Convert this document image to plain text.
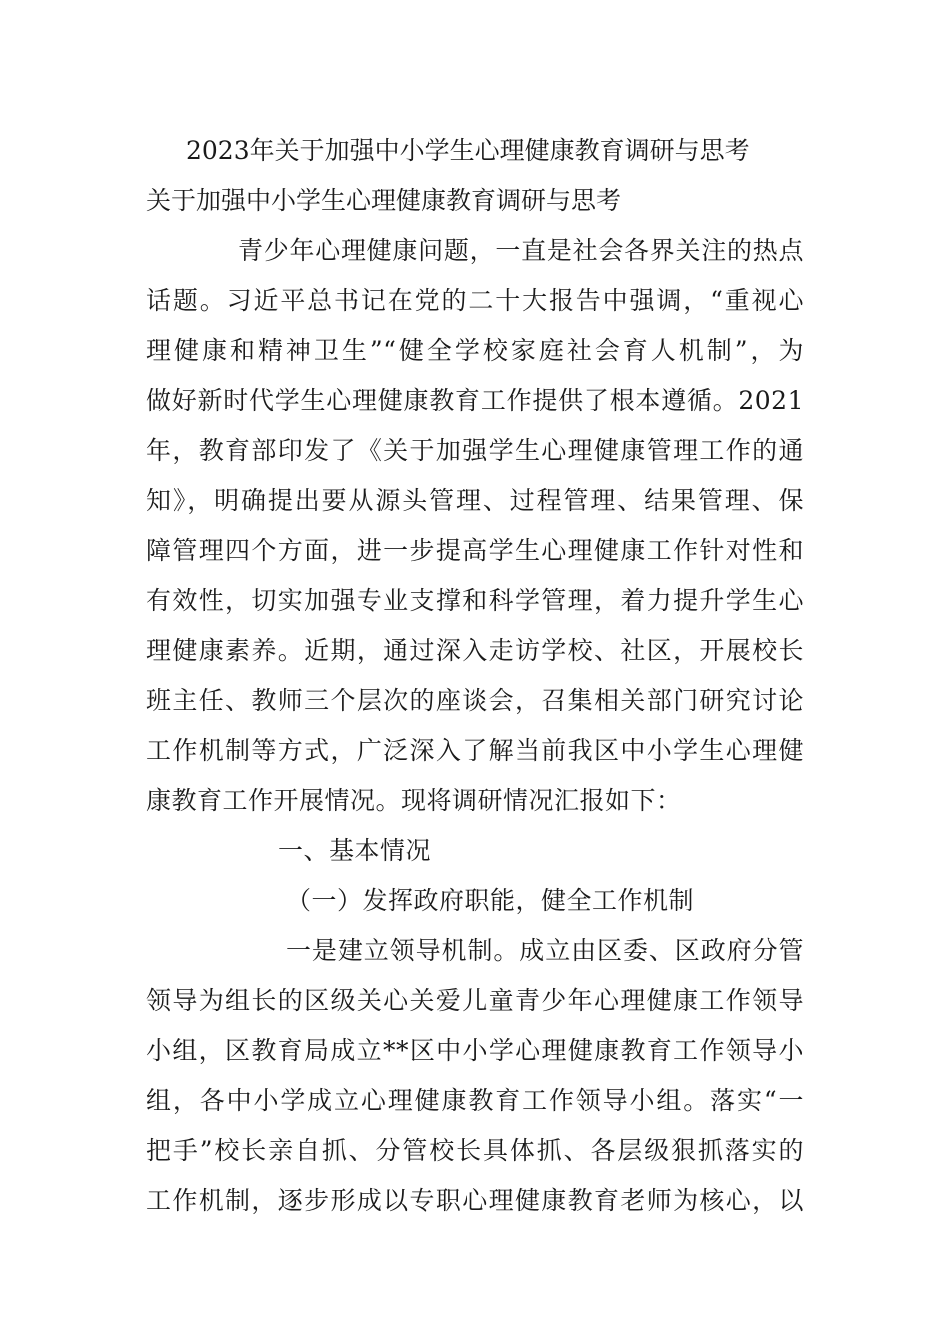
2023年关于加强中小学生心理健康教育调研与思考
关于加强中小学生心理健康教育调研与思考
青少年心理健康问题，一直是社会各界关注的热点
话题。习近平总书记在党的二十大报告中强调，“重视心
理健康和精神卫生”“健全学校家庭社会育人机制”，为
做好新时代学生心理健康教育工作提供了根本遵循。2021
年，教育部印发了《关于加强学生心理健康管理工作的通
知》，明确提出要从源头管理、过程管理、结果管理、保
障管理四个方面，进一步提高学生心理健康工作针对性和
有效性，切实加强专业支撑和科学管理，着力提升学生心
理健康素养。近期，通过深入走访学校、社区，开展校长
班主任、教师三个层次的座谈会，召集相关部门研究讨论
工作机制等方式，广泛深入了解当前我区中小学生心理健
康教育工作开展情况。现将调研情况汇报如下：
一、基本情况
（一）发挥政府职能，健全工作机制
一是建立领导机制。成立由区委、区政府分管
领导为组长的区级关心关爱儿童青少年心理健康工作领导
小组，区教育局成立**区中小学心理健康教育工作领导小
组，各中小学成立心理健康教育工作领导小组。落实“一
把手”校长亲自抓、分管校长具体抓、各层级狠抓落实的
工作机制，逐步形成以专职心理健康教育老师为核心，以
